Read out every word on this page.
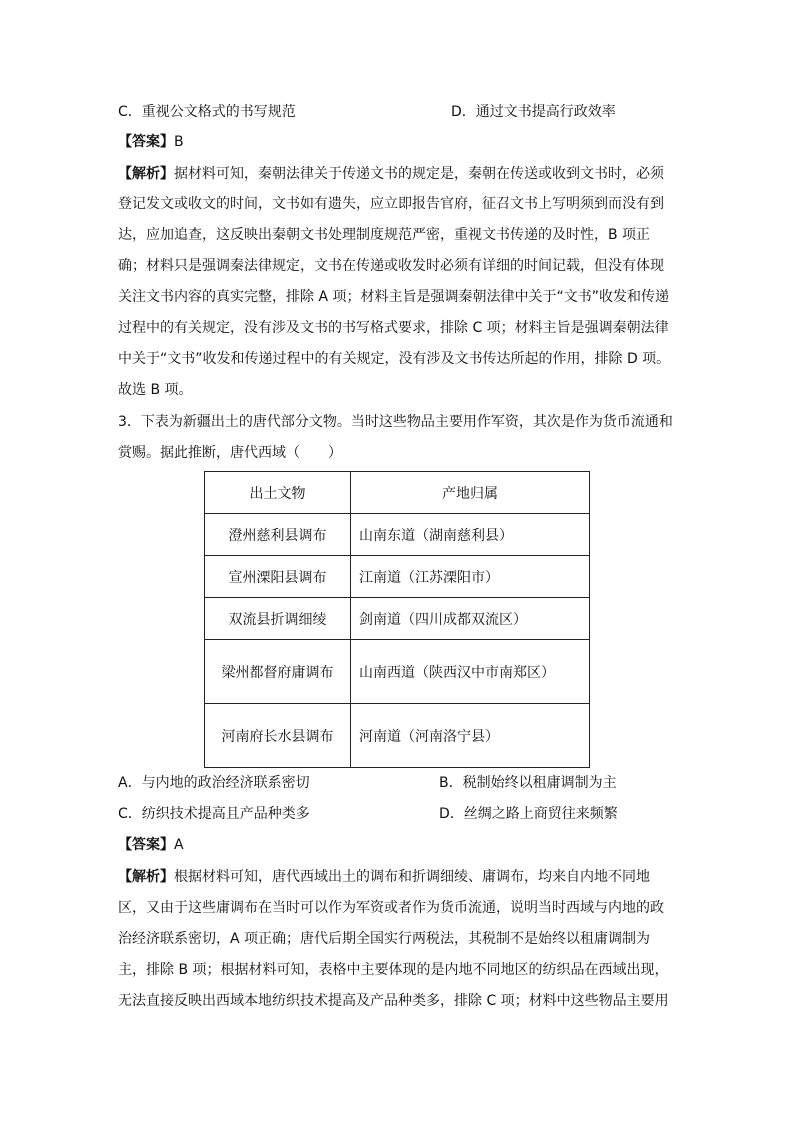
C．重视公文格式的书写规范	D．通过文书提高行政效率
【答案】B
【解析】据材料可知，秦朝法律关于传递文书的规定是，秦朝在传送或收到文书时，必须
登记发文或收文的时间，文书如有遗失，应立即报告官府，征召文书上写明须到而没有到
达，应加追查，这反映出秦朝文书处理制度规范严密，重视文书传递的及时性，B 项正
确；材料只是强调秦法律规定，文书在传递或收发时必须有详细的时间记载，但没有体现
关注文书内容的真实完整，排除 A 项；材料主旨是强调秦朝法律中关于“文书”收发和传递
过程中的有关规定，没有涉及文书的书写格式要求，排除 C 项；材料主旨是强调秦朝法律
中关于“文书”收发和传递过程中的有关规定，没有涉及文书传达所起的作用，排除 D 项。
故选 B 项。
3．下表为新疆出土的唐代部分文物。当时这些物品主要用作军资，其次是作为货币流通和
赏赐。据此推断，唐代西域（　　）
出土文物	产地归属
澄州慈利县调布	山南东道（湖南慈利县）
宣州溧阳县调布	江南道（江苏溧阳市）
双流县折调细绫	剑南道（四川成都双流区）
梁州都督府庸调布	山南西道（陕西汉中市南郑区）
河南府长水县调布	河南道（河南洛宁县）
A．与内地的政治经济联系密切	B．税制始终以租庸调制为主
C．纺织技术提高且产品种类多	D．丝绸之路上商贸往来频繁
【答案】A
【解析】根据材料可知，唐代西域出土的调布和折调细绫、庸调布，均来自内地不同地
区，又由于这些庸调布在当时可以作为军资或者作为货币流通，说明当时西域与内地的政
治经济联系密切，A 项正确；唐代后期全国实行两税法，其税制不是始终以租庸调制为
主，排除 B 项；根据材料可知，表格中主要体现的是内地不同地区的纺织品在西域出现，
无法直接反映出西域本地纺织技术提高及产品种类多，排除 C 项；材料中这些物品主要用
